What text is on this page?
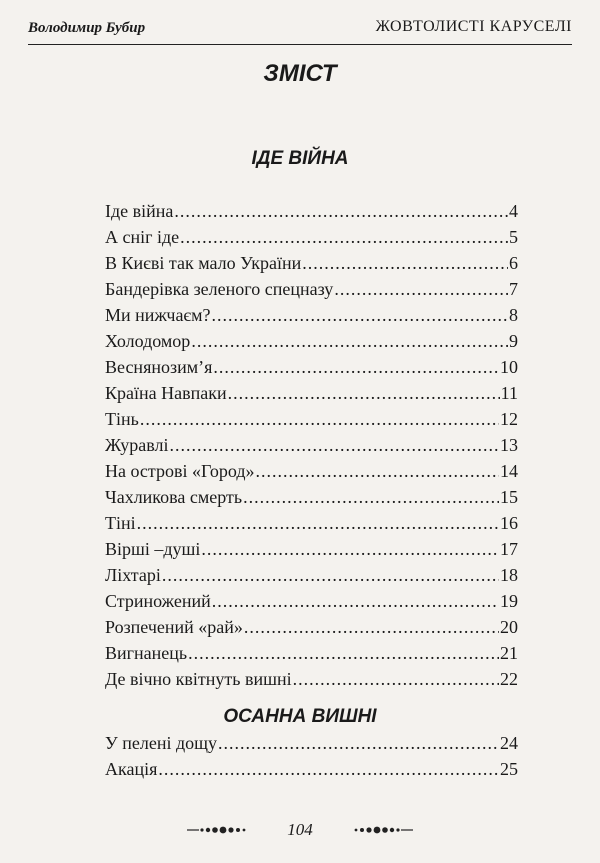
Володимир Бубир	ЖОВТОЛИСТІ КАРУСЕЛІ
ЗМІСТ
ІДЕ ВІЙНА
Іде війна .....	4
А сніг іде .....	5
В Києві так мало України .....	6
Бандерівка зеленого спецназу .....	7
Ми нижчаєм? .....	8
Холодомор .....	9
Веснянозим’я .....	10
Країна Навпаки .....	11
Тінь .....	12
Журавлі .....	13
На острові «Город» .....	14
Чахликова смерть .....	15
Тіні .....	16
Вірші –душі .....	17
Ліхтарі .....	18
Стриножений .....	19
Розпечений «рай» .....	20
Вигнанець .....	21
Де вічно квітнуть вишні .....	22
ОСАННА ВИШНІ
У пелені дощу .....	24
Акація .....	25
104
